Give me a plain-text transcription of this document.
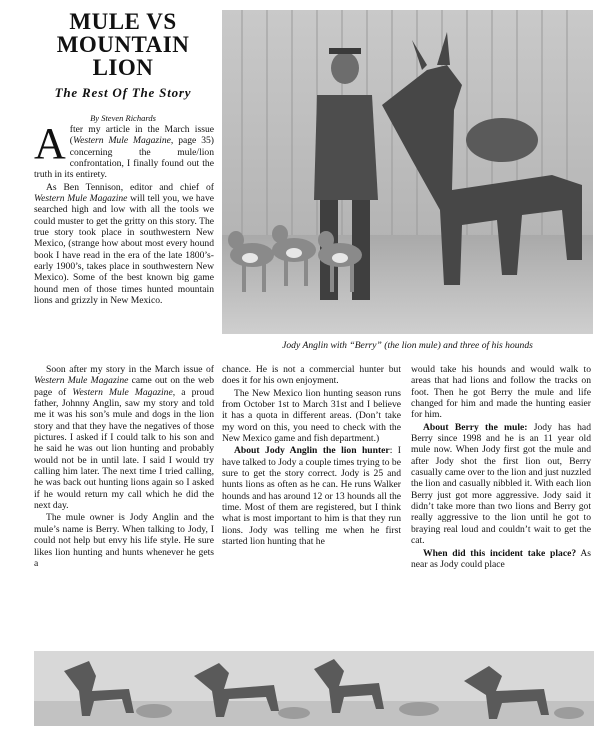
MULE VS
MOUNTAIN
LION
The Rest Of The Story
By Steven Richards
Jody Anglin with “Berry” (the lion mule) and three of his hounds

After my article in the March issue (Western Mule Magazine, page 35) concerning the mule/lion confrontation, I finally found out the truth in its entirety.

As Ben Tennison, editor and chief of Western Mule Magazine will tell you, we have searched high and low with all the tools we could muster to get the gritty on this story. The true story took place in southwestern New Mexico, (strange how about most every hound book I have read in the era of the late 1800’s- early 1900’s, takes place in southwestern New Mexico). Some of the best known big game hound men of those times hunted mountain lions and grizzly in New Mexico.

Soon after my story in the March issue of Western Mule Magazine came out on the web page of Western Mule Magazine, a proud father, Johnny Anglin, saw my story and told me it was his son’s mule and dogs in the lion story and that they have the negatives of those pictures. I asked if I could talk to his son and he said he was out lion hunting and probably would not be in until late. I said I would try calling him later. The next time I tried calling, he was back out hunting lions again so I asked if he would return my call which he did the next day.

The mule owner is Jody Anglin and the mule’s name is Berry. When talking to Jody, I could not help but envy his life style. He sure likes lion hunting and hunts whenever he gets a

chance. He is not a commercial hunter but does it for his own enjoyment.

The New Mexico lion hunting season runs from October 1st to March 31st and I believe it has a quota in different areas. (Don’t take my word on this, you need to check with the New Mexico game and fish department.)

About Jody Anglin the lion hunter: I have talked to Jody a couple times trying to be sure to get the story correct. Jody is 25 and hunts lions as often as he can. He runs Walker hounds and has around 12 or 13 hounds all the time. Most of them are registered, but I think what is most important to him is that they run lions. Jody was telling me when he first started lion hunting that he

would take his hounds and would walk to areas that had lions and follow the tracks on foot. Then he got Berry the mule and life changed for him and made the hunting easier for him.

About Berry the mule: Jody has had Berry since 1998 and he is an 11 year old mule now. When Jody first got the mule and after Jody shot the first lion out, Berry casually came over to the lion and just nuzzled the lion and casually nibbled it. With each lion Berry just got more aggressive. Jody said it didn’t take more than two lions and Berry got really aggressive to the lion until he got to braying real loud and couldn’t wait to get the cat.

When did this incident take place? As near as Jody could place
